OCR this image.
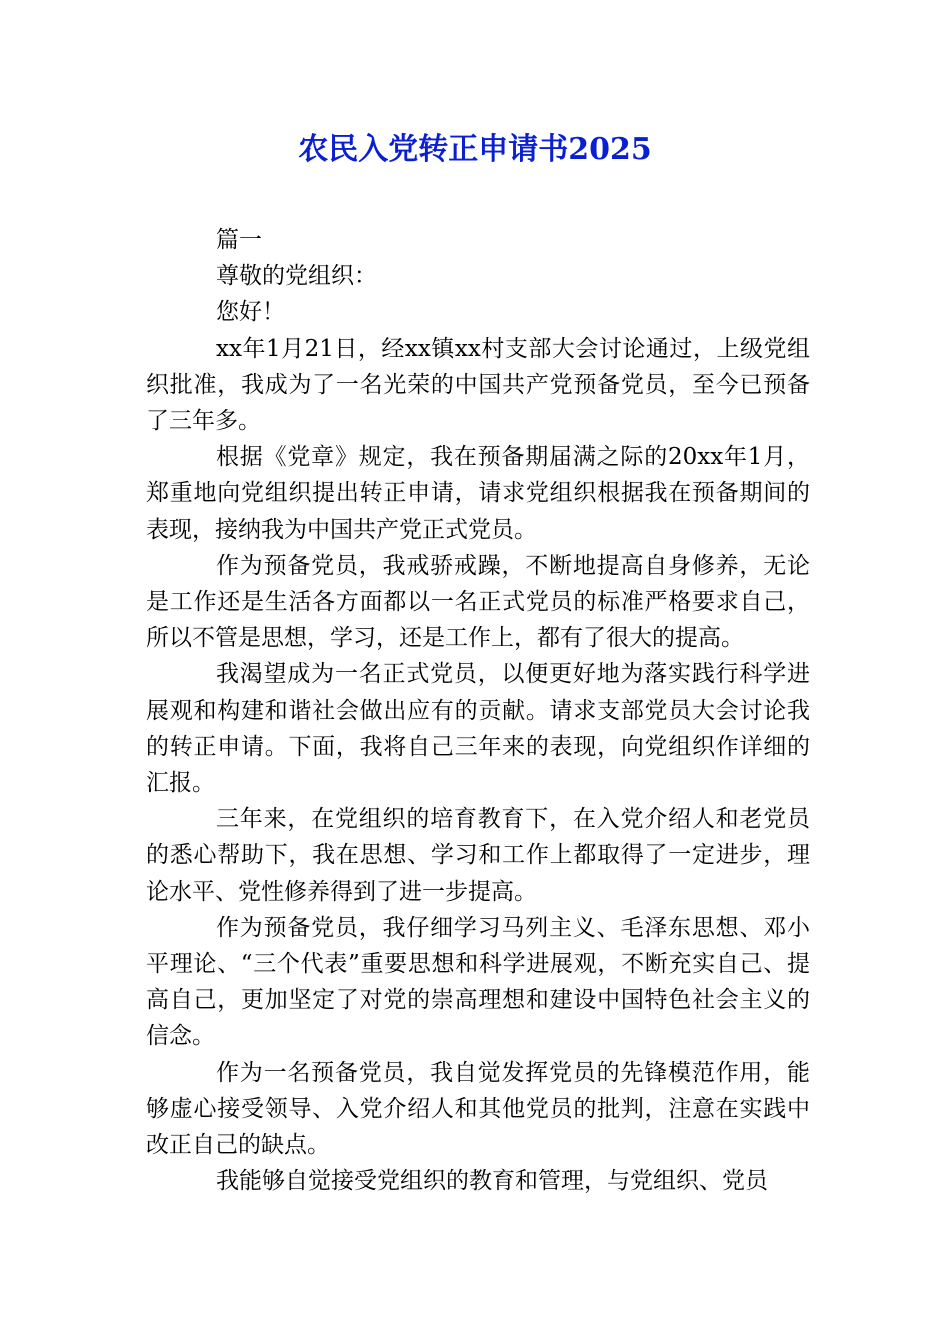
农民入党转正申请书2025

篇一

尊敬的党组织：

您好！

xx年1月21日，经xx镇xx村支部大会讨论通过，上级党组织批准，我成为了一名光荣的中国共产党预备党员，至今已预备了三年多。

根据《党章》规定，我在预备期届满之际的20xx年1月，郑重地向党组织提出转正申请，请求党组织根据我在预备期间的表现，接纳我为中国共产党正式党员。

作为预备党员，我戒骄戒躁，不断地提高自身修养，无论是工作还是生活各方面都以一名正式党员的标准严格要求自己，所以不管是思想，学习，还是工作上，都有了很大的提高。

我渴望成为一名正式党员，以便更好地为落实践行科学进展观和构建和谐社会做出应有的贡献。请求支部党员大会讨论我的转正申请。下面，我将自己三年来的表现，向党组织作详细的汇报。

三年来，在党组织的培育教育下，在入党介绍人和老党员的悉心帮助下，我在思想、学习和工作上都取得了一定进步，理论水平、党性修养得到了进一步提高。

作为预备党员，我仔细学习马列主义、毛泽东思想、邓小平理论、“三个代表”重要思想和科学进展观，不断充实自己、提高自己，更加坚定了对党的崇高理想和建设中国特色社会主义的信念。

作为一名预备党员，我自觉发挥党员的先锋模范作用，能够虚心接受领导、入党介绍人和其他党员的批判，注意在实践中改正自己的缺点。

我能够自觉接受党组织的教育和管理，与党组织、党员
